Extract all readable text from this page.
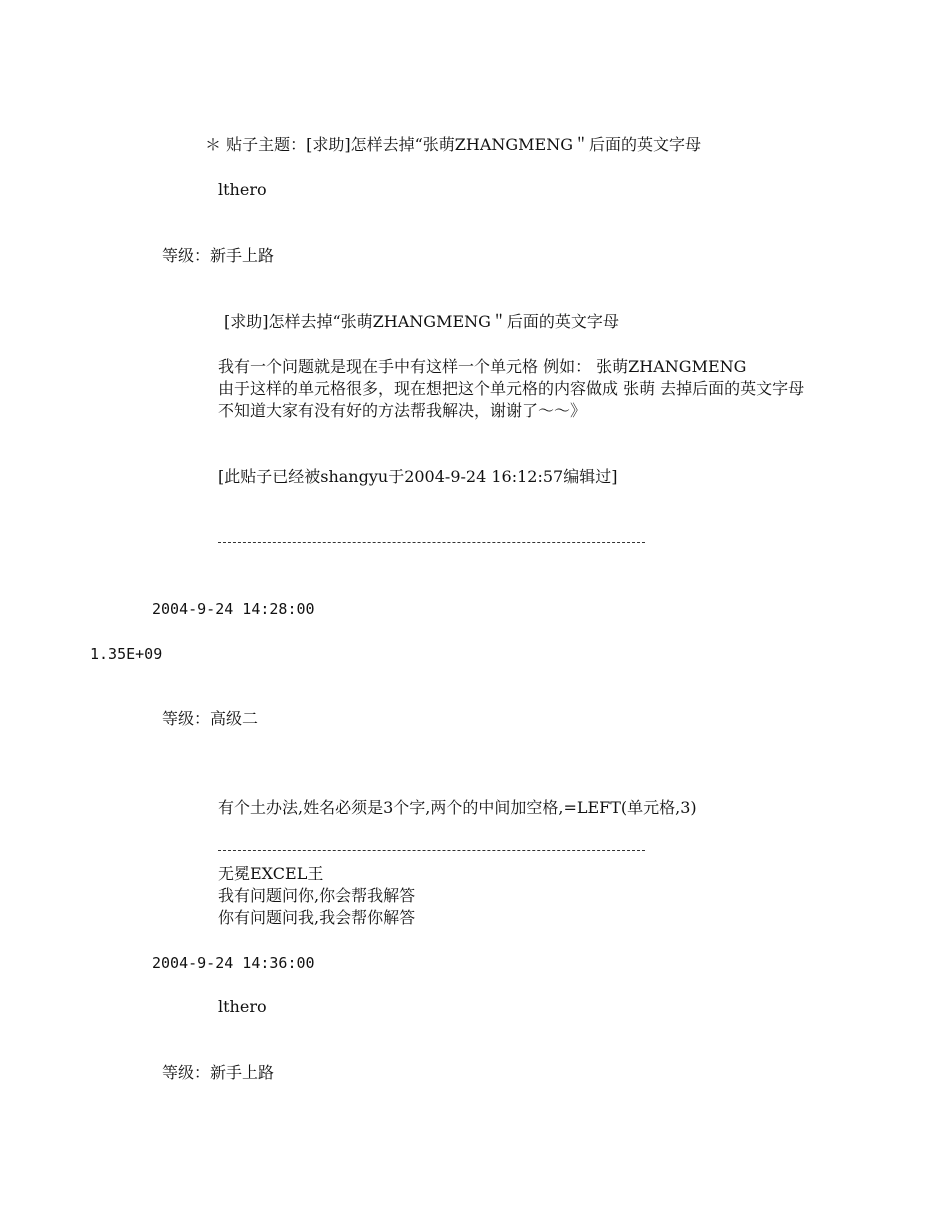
＊ 贴子主题：[求助]怎样去掉“张萌ZHANGMENG＂后面的英文字母
lthero
等级：新手上路
[求助]怎样去掉“张萌ZHANGMENG＂后面的英文字母
我有一个问题就是现在手中有这样一个单元格 例如： 张萌ZHANGMENG
由于这样的单元格很多，现在想把这个单元格的内容做成 张萌 去掉后面的英文字母
不知道大家有没有好的方法帮我解决，谢谢了～～》
[此贴子已经被shangyu于2004-9-24 16:12:57编辑过]
2004-9-24 14:28:00
1.35E+09
等级：高级二
有个土办法,姓名必须是3个字,两个的中间加空格,=LEFT(单元格,3)
无冕EXCEL王
我有问题问你,你会帮我解答
你有问题问我,我会帮你解答
2004-9-24 14:36:00
lthero
等级：新手上路
